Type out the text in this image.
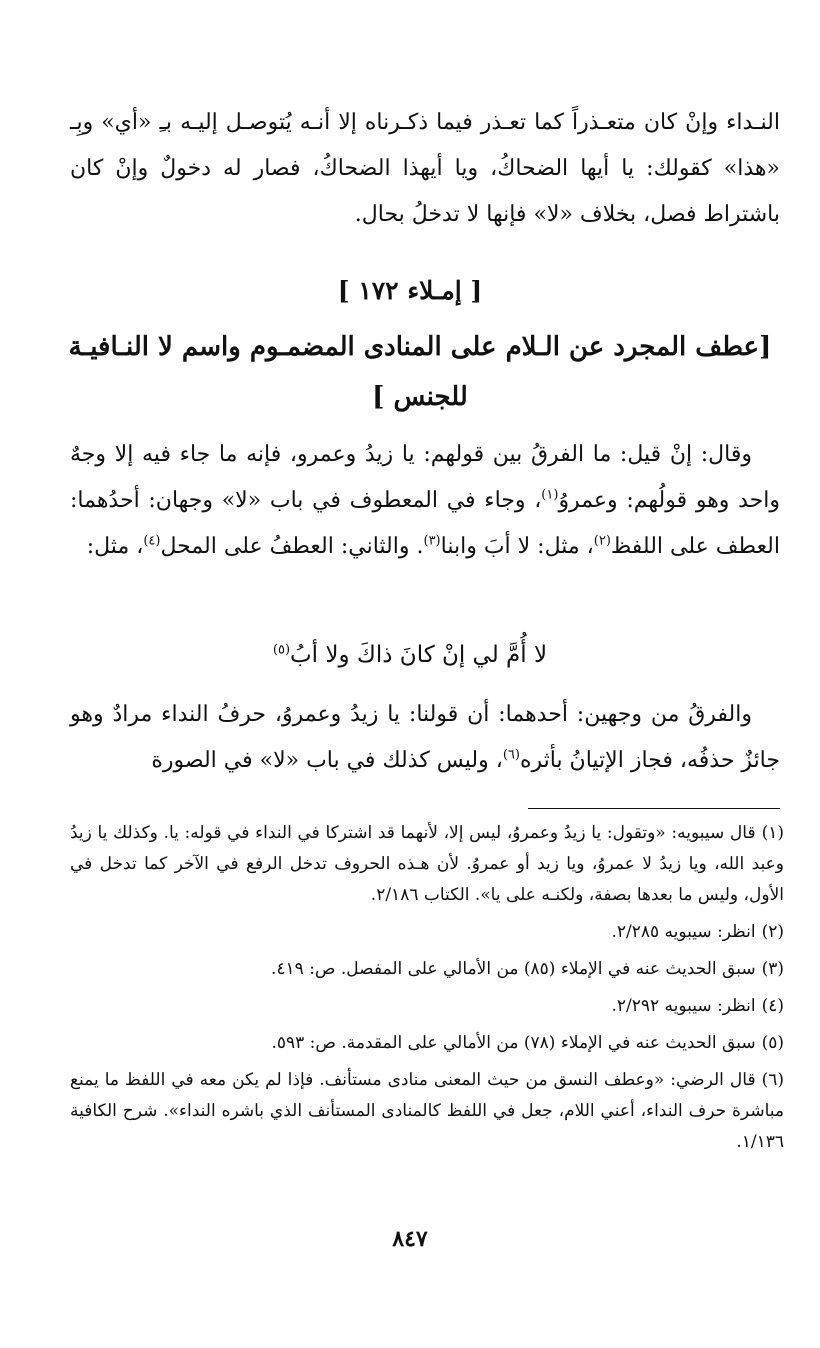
النـداء وإنْ كان متعـذراً كما تعـذر فيما ذكـرناه إلا أنـه يُتوصـل إليـه بـِ «أي» وبِـ «هذا» كقولك: يا أيها الضحاكُ، ويا أيهذا الضحاكُ، فصار له دخولٌ وإنْ كان باشتراط فصل، بخلاف «لا» فإنها لا تدخلُ بحال.

[ إمـلاء ١٧٢ ]
[عطف المجرد عن الـلام على المنادى المضمـوم واسم لا النـافيـة للجنس ]

وقال: إنْ قيل: ما الفرقُ بين قولهم: يا زيدُ وعمرو، فإنه ما جاء فيه إلا وجهٌ واحد وهو قولُهم: وعمروُ$^{(١)}$، وجاء في المعطوف في باب «لا» وجهان: أحدُهما: العطف على اللفظ$^{(٢)}$، مثل: لا أبَ وابنا$^{(٣)}$. والثاني: العطفُ على المحل$^{(٤)}$، مثل:

لا أُمَّ لي إنْ كانَ ذاكَ ولا أبُ$^{(٥)}$

والفرقُ من وجهين: أحدهما: أن قولنا: يا زيدُ وعمروُ، حرفُ النداء مرادٌ وهو جائزٌ حذفُه، فجاز الإتيانُ بأثره$^{(٦)}$، وليس كذلك في باب «لا» في الصورة

(١)قال سيبويه: «وتقول: يا زيدُ وعمروُ، ليس إلا، لأنهما قد اشتركا في النداء في قوله: يا. وكذلك يا زيدُ وعبد الله، ويا زيدُ لا عمروُ، ويا زيد أو عمروُ. لأن هـذه الحروف تدخل الرفع في الآخر كما تدخل في الأول، وليس ما بعدها بصفة، ولكنـه على يا». الكتاب ٢/١٨٦.
(٢)انظر: سيبويه ٢/٢٨٥.
(٣)سبق الحديث عنه في الإملاء (٨٥) من الأمالي على المفصل. ص: ٤١٩.
(٤)انظر: سيبويه ٢/٢٩٢.
(٥)سبق الحديث عنه في الإملاء (٧٨) من الأمالي على المقدمة. ص: ٥٩٣.
(٦)قال الرضي: «وعطف النسق من حيث المعنى منادى مستأنف. فإذا لم يكن معه في اللفظ ما يمنع مباشرة حرف النداء، أعني اللام، جعل في اللفظ كالمنادى المستأنف الذي باشره النداء». شرح الكافية ١/١٣٦.
٨٤٧
